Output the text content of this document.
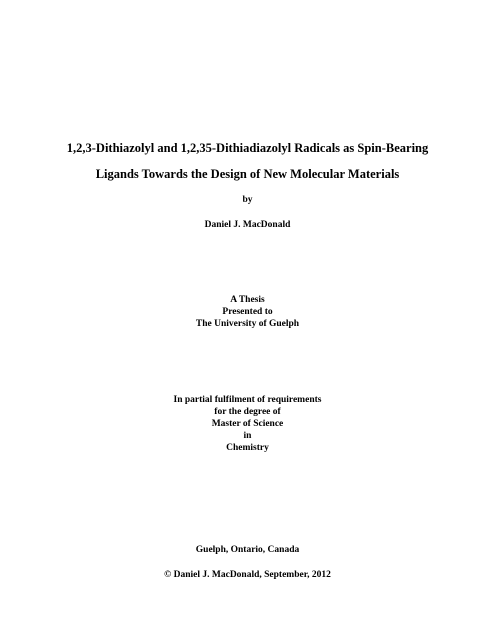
1,2,3-Dithiazolyl and 1,2,35-Dithiadiazolyl Radicals as Spin-Bearing
Ligands Towards the Design of New Molecular Materials
by
Daniel J. MacDonald
A Thesis
Presented to
The University of Guelph
In partial fulfilment of requirements
for the degree of
Master of Science
in
Chemistry
Guelph, Ontario, Canada
© Daniel J. MacDonald, September, 2012
